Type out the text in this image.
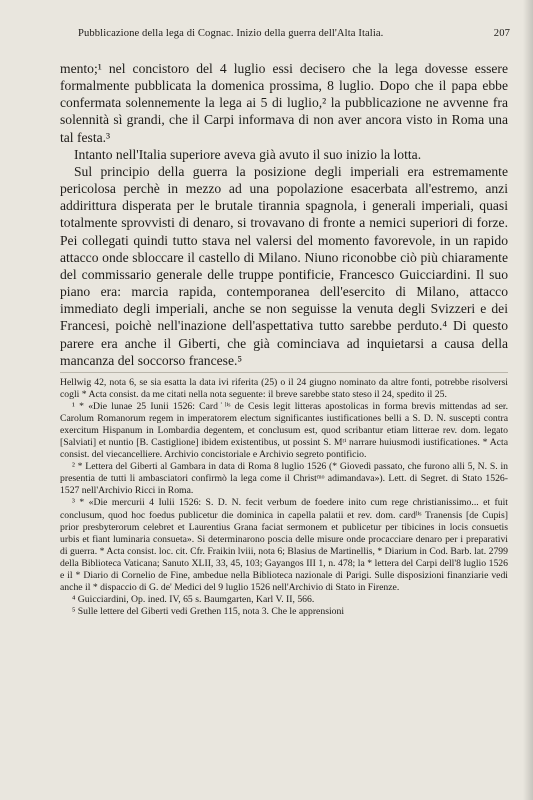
Pubblicazione della lega di Cognac. Inizio della guerra dell'Alta Italia.	207

mento;¹ nel concistoro del 4 luglio essi decisero che la lega dovesse essere formalmente pubblicata la domenica prossima, 8 luglio. Dopo che il papa ebbe confermata solennemente la lega ai 5 di luglio,² la pubblicazione ne avvenne fra solennità sì grandi, che il Carpi informava di non aver ancora visto in Roma una tal festa.³

Intanto nell'Italia superiore aveva già avuto il suo inizio la lotta.

Sul principio della guerra la posizione degli imperiali era estremamente pericolosa perchè in mezzo ad una popolazione esacerbata all'estremo, anzi addirittura disperata per le brutale tirannia spagnola, i generali imperiali, quasi totalmente sprovvisti di denaro, si trovavano di fronte a nemici superiori di forze. Pei collegati quindi tutto stava nel valersi del momento favorevole, in un rapido attacco onde sbloccare il castello di Milano. Niuno riconobbe ciò più chiaramente del commissario generale delle truppe pontificie, Francesco Guicciardini. Il suo piano era: marcia rapida, contemporanea dell'esercito di Milano, attacco immediato degli imperiali, anche se non seguisse la venuta degli Svizzeri e dei Francesi, poichè nell'inazione dell'aspettativa tutto sarebbe perduto.⁴ Di questo parere era anche il Giberti, che già cominciava ad inquietarsi a causa della mancanza del soccorso francese.⁵

Hellwig 42, nota 6, se sia esatta la data ivi riferita (25) o il 24 giugno nominato da altre fonti, potrebbe risolversi cogli * Acta consist. da me citati nella nota seguente: il breve sarebbe stato steso il 24, spedito il 25.

¹ * «Die lunae 25 Iunii 1526: Card˙ˡⁱˢ de Cesis legit litteras apostolicas in forma brevis mittendas ad ser. Carolum Romanorum regem in imperatorem electum significantes iustificationes belli a S. D. N. suscepti contra exercitum Hispanum in Lombardia degentem, et conclusum est, quod scribantur etiam litterae rev. dom. legato [Salviati] et nuntio [B. Castiglione] ibidem existentibus, ut possint S. Mᵗⁱ narrare huiusmodi iustificationes. * Acta consist. del viecancelliere. Archivio concistoriale e Archivio segreto pontificio.

² * Lettera del Giberti al Gambara in data di Roma 8 luglio 1526 (* Giovedì passato, che furono alli 5, N. S. in presentia de tutti li ambasciatori confirmò la lega come il Christᵐᵒ adimandava»). Lett. di Segret. di Stato 1526-1527 nell'Archivio Ricci in Roma.

³ * «Die mercurii 4 Iulii 1526: S. D. N. fecit verbum de foedere inito cum rege christianissimo... et fuit conclusum, quod hoc foedus publicetur die dominica in capella palatii et rev. dom. cardˡⁱˢ Tranensis [de Cupis] prior presbyterorum celebret et Laurentius Grana faciat sermonem et publicetur per tibicines in locis consuetis urbis et fiant luminaria consueta». Si determinarono poscia delle misure onde procacciare denaro per i preparativi di guerra. * Acta consist. loc. cit. Cfr. Fraikin lviii, nota 6; Blasius de Martinellis, * Diarium in Cod. Barb. lat. 2799 della Biblioteca Vaticana; Sanuto XLII, 33, 45, 103; Gayangos III 1, n. 478; la * lettera del Carpi dell'8 luglio 1526 e il * Diario di Cornelio de Fine, ambedue nella Biblioteca nazionale di Parigi. Sulle disposizioni finanziarie vedi anche il * dispaccio di G. de' Medici del 9 luglio 1526 nell'Archivio di Stato in Firenze.

⁴ Guicciardini, Op. ined. IV, 65 s. Baumgarten, Karl V. II, 566.

⁵ Sulle lettere del Giberti vedi Grethen 115, nota 3. Che le apprensioni
